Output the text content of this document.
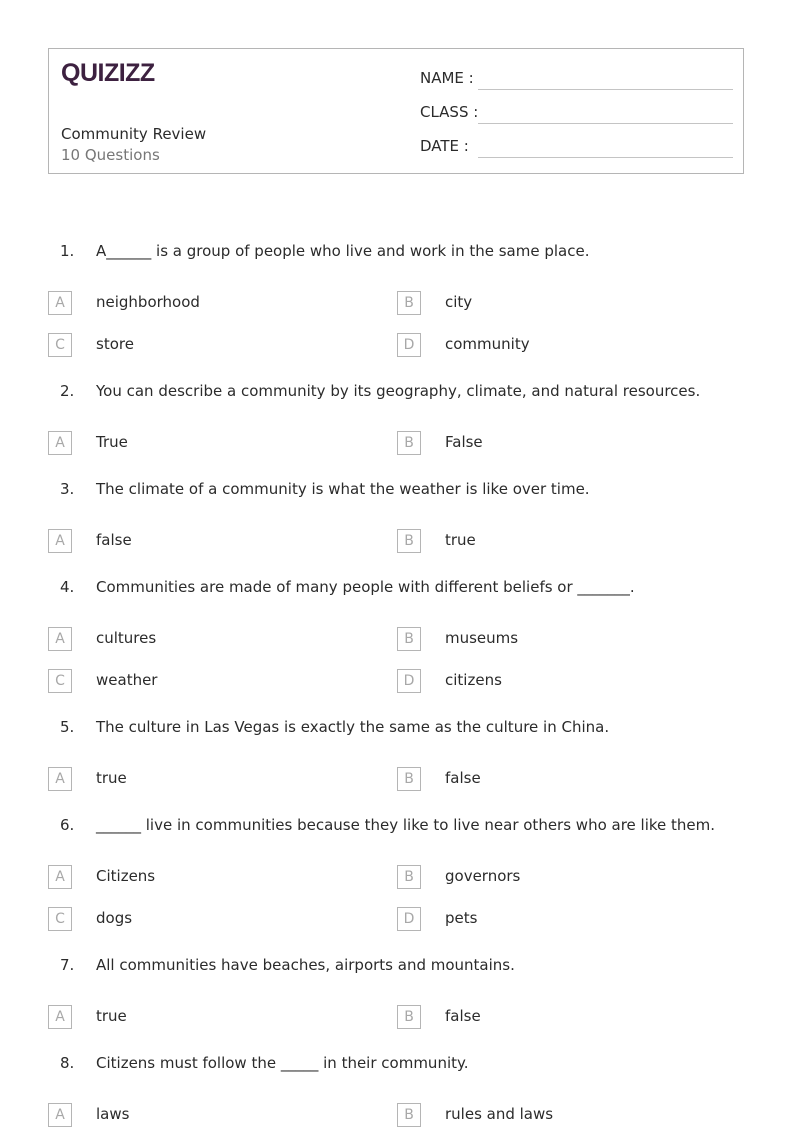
QUIZIZZ
Community Review
10 Questions
NAME :
CLASS :
DATE :
1. A______ is a group of people who live and work in the same place.
A	neighborhood	B	city
C	store	D	community
2. You can describe a community by its geography, climate, and natural resources.
A	True	B	False
3. The climate of a community is what the weather is like over time.
A	false	B	true
4. Communities are made of many people with different beliefs or _______.
A	cultures	B	museums
C	weather	D	citizens
5. The culture in Las Vegas is exactly the same as the culture in China.
A	true	B	false
6. ______ live in communities because they like to live near others who are like them.
A	Citizens	B	governors
C	dogs	D	pets
7. All communities have beaches, airports and mountains.
A	true	B	false
8. Citizens must follow the _____ in their community.
A	laws	B	rules and laws
